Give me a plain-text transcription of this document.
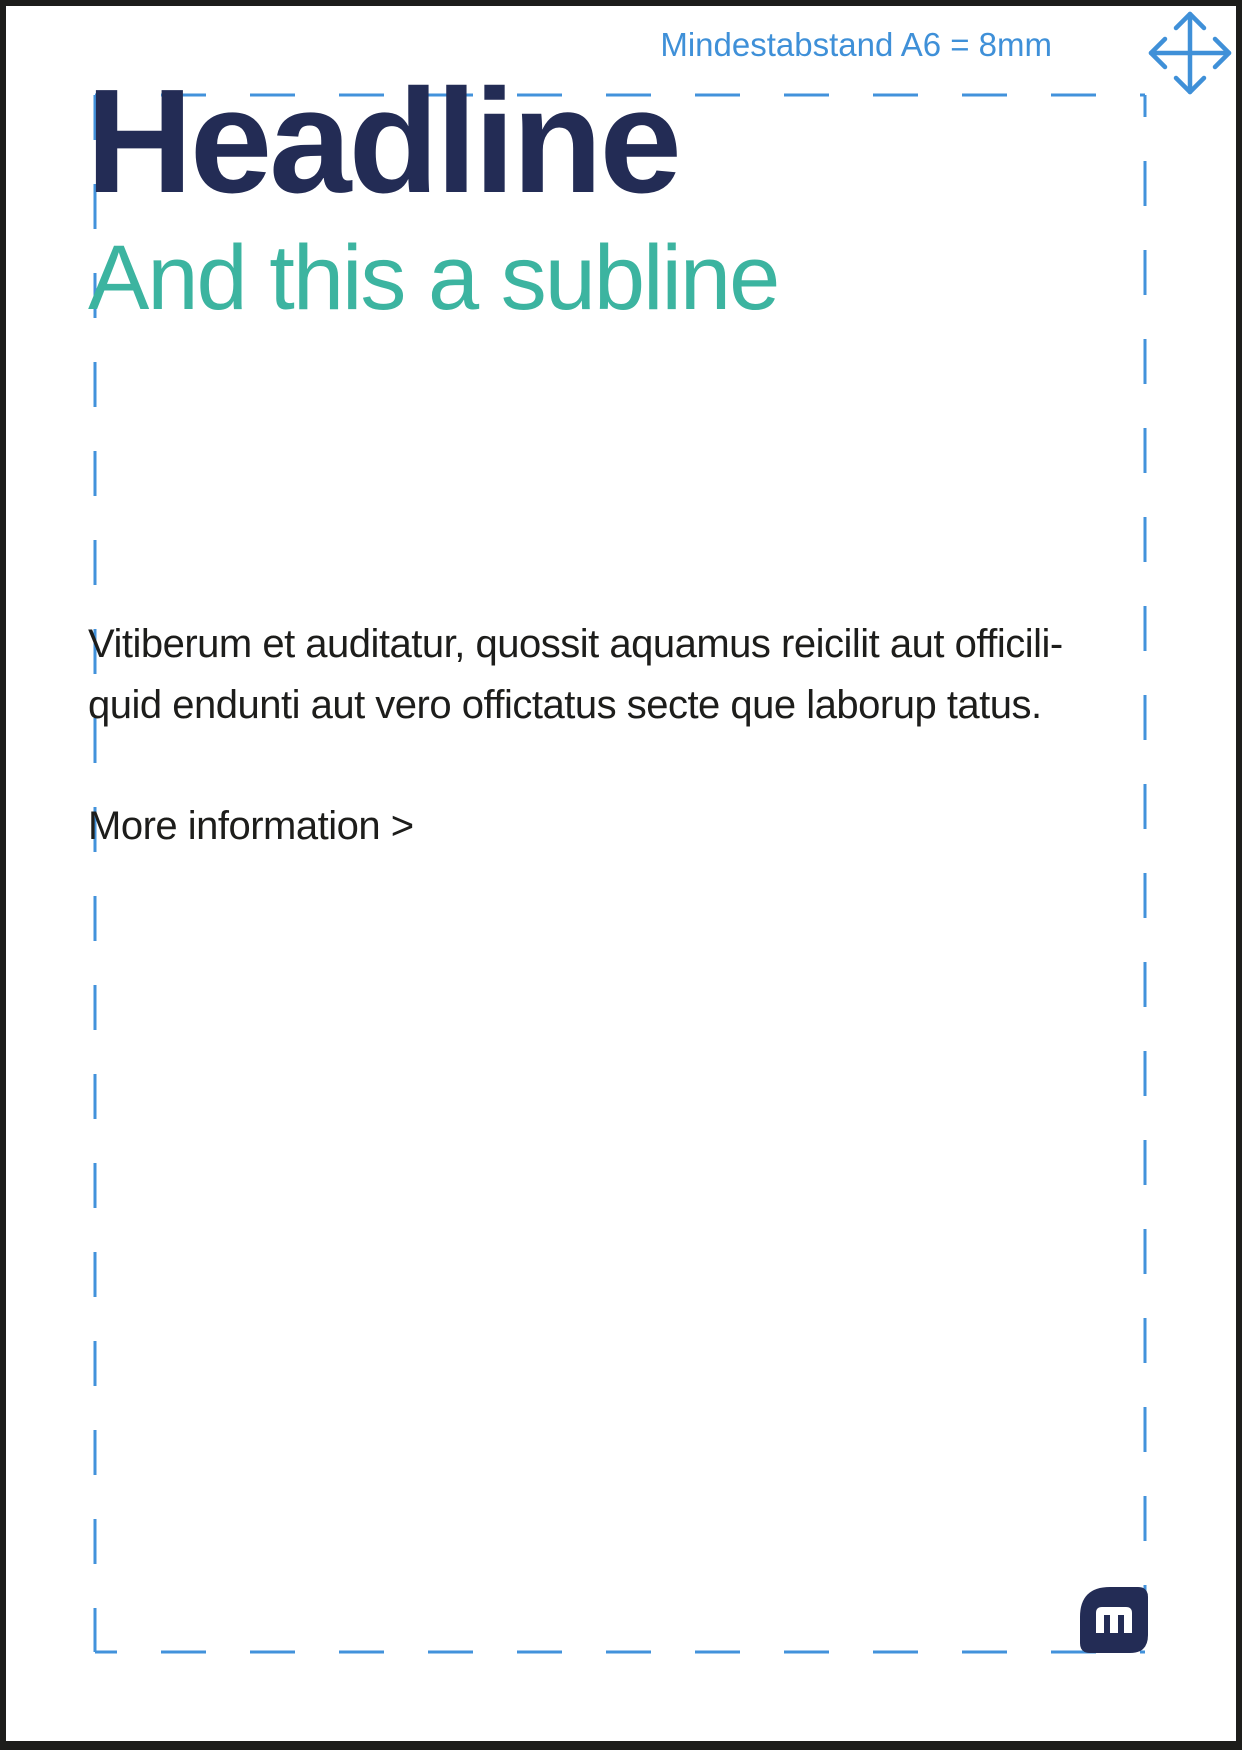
Mindestabstand A6 = 8mm
Headline
And this a subline

Vitiberum et auditatur, quossit aquamus reicilit aut officili-
quid endunti aut vero offictatus secte que laborup tatus.

More information >
